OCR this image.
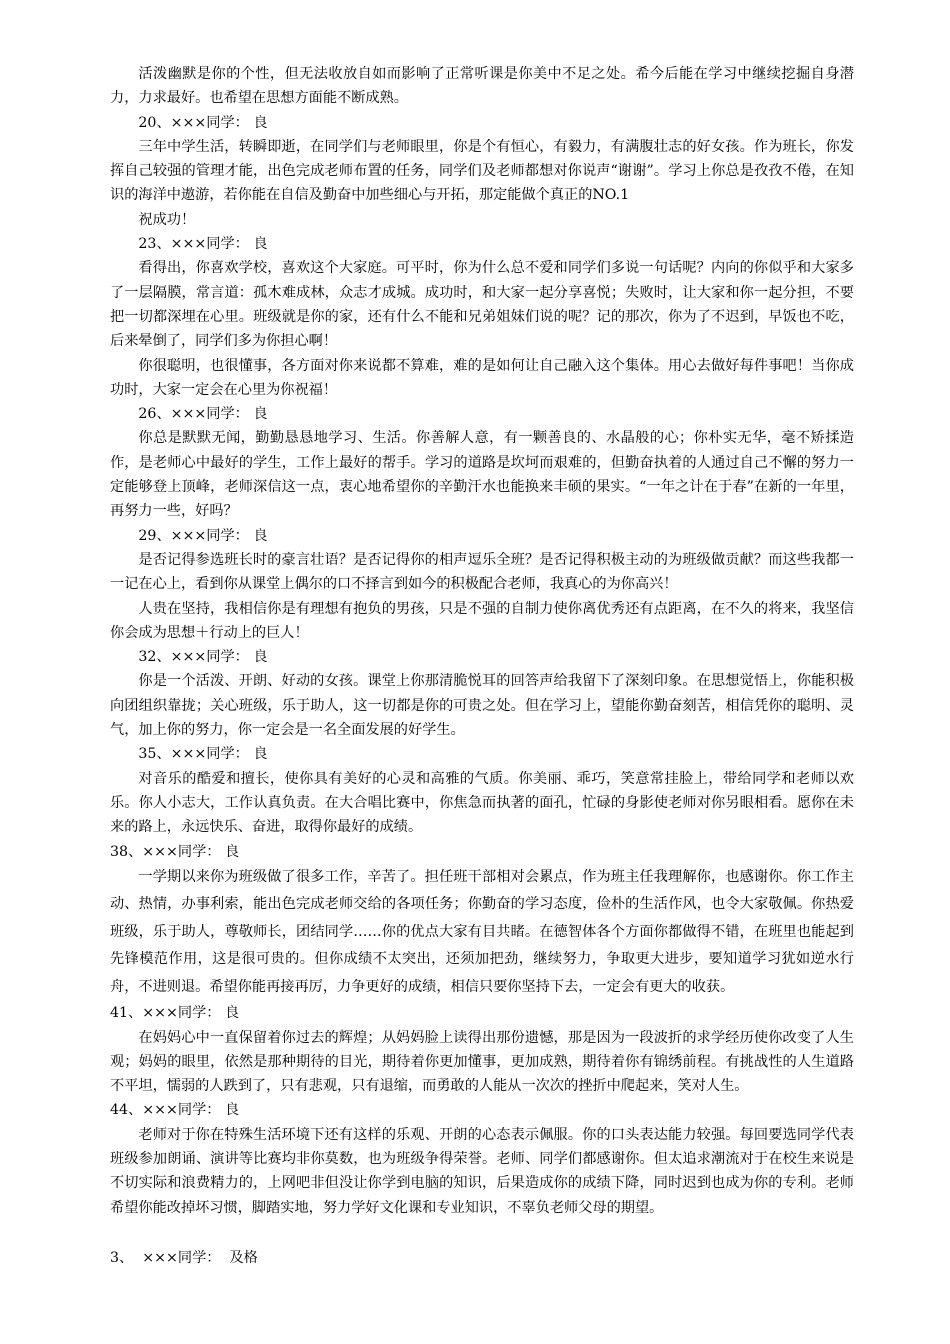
活泼幽默是你的个性，但无法收放自如而影响了正常听课是你美中不足之处。希今后能在学习中继续挖掘自身潜力，力求最好。也希望在思想方面能不断成熟。

20、×××同学： 良

三年中学生活，转瞬即逝，在同学们与老师眼里，你是个有恒心，有毅力，有满腹壮志的好女孩。作为班长，你发挥自己较强的管理才能，出色完成老师布置的任务，同学们及老师都想对你说声“谢谢”。学习上你总是孜孜不倦，在知识的海洋中遨游，若你能在自信及勤奋中加些细心与开拓，那定能做个真正的NO.1

祝成功！

23、×××同学： 良

看得出，你喜欢学校，喜欢这个大家庭。可平时，你为什么总不爱和同学们多说一句话呢？内向的你似乎和大家多了一层隔膜，常言道：孤木难成林，众志才成城。成功时，和大家一起分享喜悦；失败时，让大家和你一起分担，不要把一切都深埋在心里。班级就是你的家，还有什么不能和兄弟姐妹们说的呢？记的那次，你为了不迟到，早饭也不吃，后来晕倒了，同学们多为你担心啊！

你很聪明，也很懂事，各方面对你来说都不算难，难的是如何让自己融入这个集体。用心去做好每件事吧！当你成功时，大家一定会在心里为你祝福！

26、×××同学： 良

你总是默默无闻，勤勤恳恳地学习、生活。你善解人意，有一颗善良的、水晶般的心；你朴实无华，毫不矫揉造作，是老师心中最好的学生，工作上最好的帮手。学习的道路是坎坷而艰难的，但勤奋执着的人通过自己不懈的努力一定能够登上顶峰，老师深信这一点，衷心地希望你的辛勤汗水也能换来丰硕的果实。“一年之计在于春”在新的一年里，再努力一些，好吗？

29、×××同学： 良

是否记得参选班长时的豪言壮语？是否记得你的相声逗乐全班？是否记得积极主动的为班级做贡献？而这些我都一一记在心上，看到你从课堂上偶尔的口不择言到如今的积极配合老师，我真心的为你高兴！

人贵在坚持，我相信你是有理想有抱负的男孩，只是不强的自制力使你离优秀还有点距离，在不久的将来，我坚信你会成为思想＋行动上的巨人！

32、×××同学： 良

你是一个活泼、开朗、好动的女孩。课堂上你那清脆悦耳的回答声给我留下了深刻印象。在思想觉悟上，你能积极向团组织靠拢；关心班级，乐于助人，这一切都是你的可贵之处。但在学习上，望能你勤奋刻苦，相信凭你的聪明、灵气，加上你的努力，你一定会是一名全面发展的好学生。

35、×××同学： 良

对音乐的酷爱和擅长，使你具有美好的心灵和高雅的气质。你美丽、乖巧，笑意常挂脸上，带给同学和老师以欢乐。你人小志大，工作认真负责。在大合唱比赛中，你焦急而执著的面孔，忙碌的身影使老师对你另眼相看。愿你在未来的路上，永远快乐、奋进，取得你最好的成绩。

38、×××同学： 良

一学期以来你为班级做了很多工作，辛苦了。担任班干部相对会累点，作为班主任我理解你，也感谢你。你工作主动、热情，办事利索，能出色完成老师交给的各项任务；你勤奋的学习态度，俭朴的生活作风，也令大家敬佩。你热爱班级，乐于助人，尊敬师长，团结同学……你的优点大家有目共睹。在德智体各个方面你都做得不错，在班里也能起到先锋模范作用，这是很可贵的。但你成绩不太突出，还须加把劲，继续努力，争取更大进步，要知道学习犹如逆水行舟，不进则退。希望你能再接再厉，力争更好的成绩，相信只要你坚持下去，一定会有更大的收获。

41、×××同学： 良

在妈妈心中一直保留着你过去的辉煌；从妈妈脸上读得出那份遗憾，那是因为一段波折的求学经历使你改变了人生观；妈妈的眼里，依然是那种期待的目光，期待着你更加懂事，更加成熟，期待着你有锦绣前程。有挑战性的人生道路不平坦，懦弱的人跌到了，只有悲观，只有退缩，而勇敢的人能从一次次的挫折中爬起来，笑对人生。

44、×××同学： 良

老师对于你在特殊生活环境下还有这样的乐观、开朗的心态表示佩服。你的口头表达能力较强。每回要选同学代表班级参加朗诵、演讲等比赛均非你莫数，也为班级争得荣誉。老师、同学们都感谢你。但太追求潮流对于在校生来说是不切实际和浪费精力的，上网吧非但没让你学到电脑的知识，后果造成你的成绩下降，同时迟到也成为你的专利。老师希望你能改掉坏习惯，脚踏实地，努力学好文化课和专业知识，不辜负老师父母的期望。

3、  ×××同学：  及格
